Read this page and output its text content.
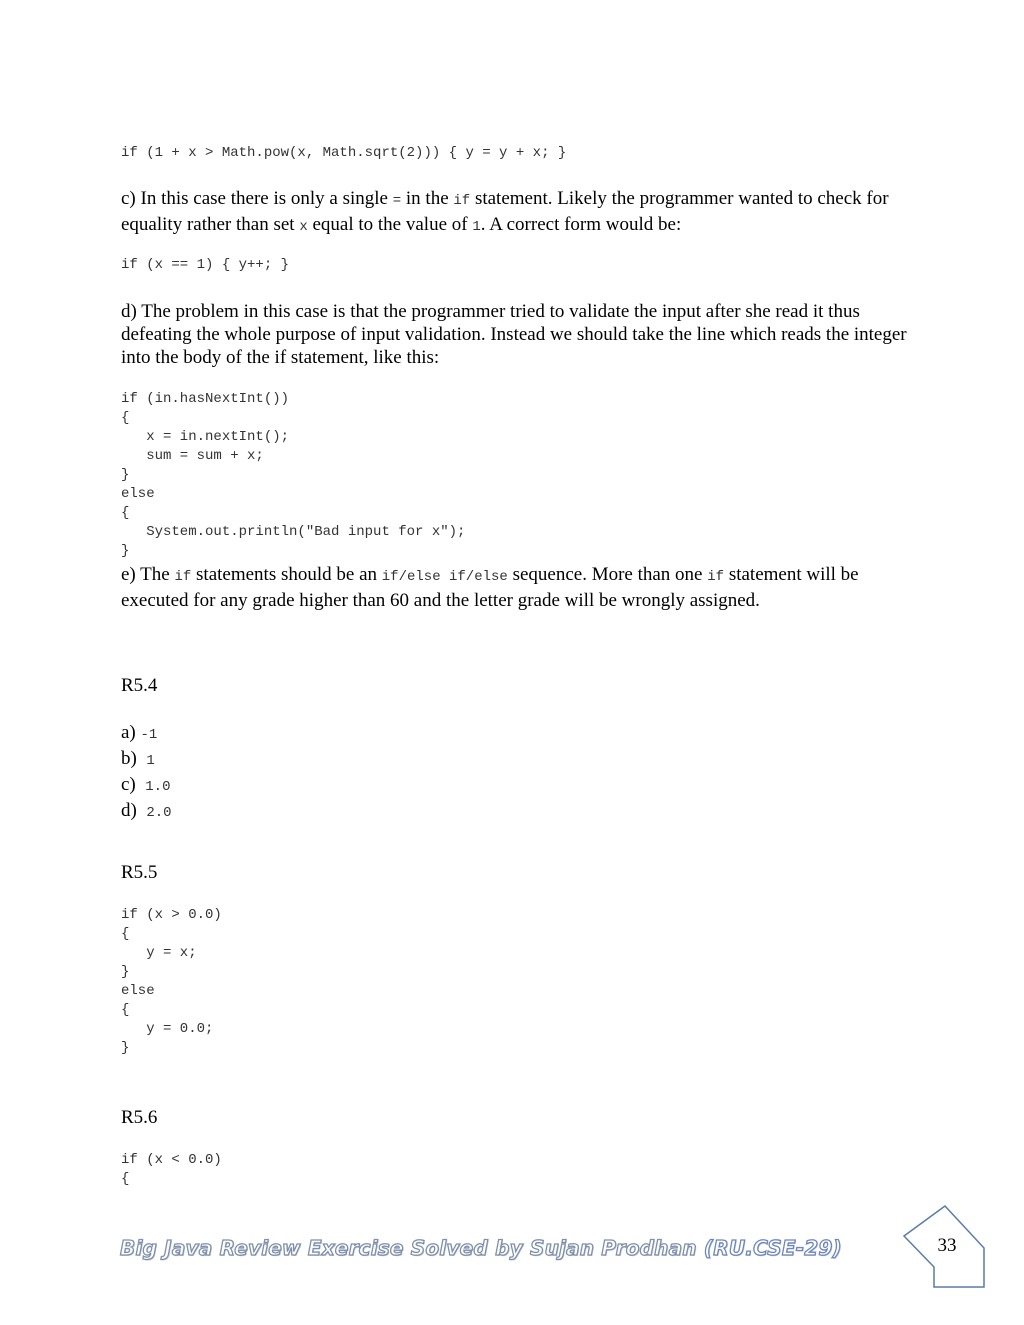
if (1 + x > Math.pow(x, Math.sqrt(2))) { y = y + x; }

c) In this case there is only a single = in the if statement. Likely the programmer wanted to check for equality rather than set x equal to the value of 1. A correct form would be:

if (x == 1) { y++; }

d) The problem in this case is that the programmer tried to validate the input after she read it thus defeating the whole purpose of input validation. Instead we should take the line which reads the integer into the body of the if statement, like this:

if (in.hasNextInt())
{
x = in.nextInt();
sum = sum + x;
}
else
{
System.out.println("Bad input for x");
}

e) The if statements should be an if/else if/else sequence. More than one if statement will be executed for any grade higher than 60 and the letter grade will be wrongly assigned.

R5.4
a) -1
b)  1
c)  1.0
d)  2.0
R5.5
if (x > 0.0)
{
y = x;
}
else
{
y = 0.0;
}
R5.6
if (x < 0.0)
{
Big Java Review Exercise Solved by Sujan Prodhan (RU.CSE-29)	33
